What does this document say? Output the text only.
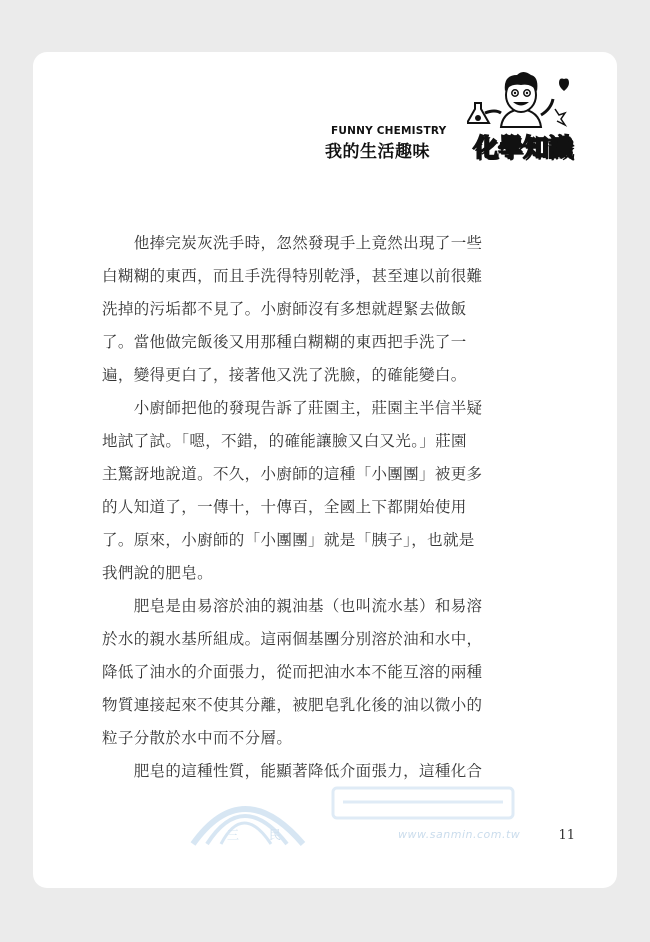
FUNNY CHEMISTRY
我的生活趣味 化學知識
　　他捧完炭灰洗手時，忽然發現手上竟然出現了一些
白糊糊的東西，而且手洗得特別乾淨，甚至連以前很難
洗掉的污垢都不見了。小廚師沒有多想就趕緊去做飯
了。當他做完飯後又用那種白糊糊的東西把手洗了一
遍，變得更白了，接著他又洗了洗臉，的確能變白。
　　小廚師把他的發現告訴了莊園主，莊園主半信半疑
地試了試。「嗯，不錯，的確能讓臉又白又光。」莊園
主驚訝地說道。不久，小廚師的這種「小團團」被更多
的人知道了，一傳十，十傳百，全國上下都開始使用
了。原來，小廚師的「小團團」就是「胰子」，也就是
我們說的肥皂。
　　肥皂是由易溶於油的親油基（也叫流水基）和易溶
於水的親水基所組成。這兩個基團分別溶於油和水中，
降低了油水的介面張力，從而把油水本不能互溶的兩種
物質連接起來不使其分離，被肥皂乳化後的油以微小的
粒子分散於水中而不分層。
　　肥皂的這種性質，能顯著降低介面張力，這種化合
三 民	www.sanmin.com.tw	11
